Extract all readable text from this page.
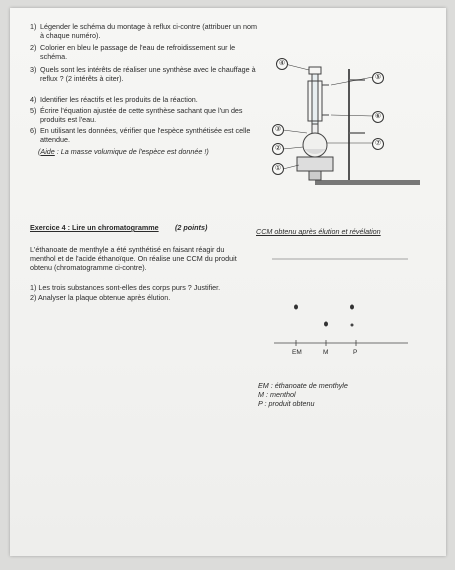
1) Légender le schéma du montage à reflux ci-contre (attribuer un nom à chaque numéro).
2) Colorier en bleu le passage de l'eau de refroidissement sur le schéma.
3) Quels sont les intérêts de réaliser une synthèse avec le chauffage à reflux ? (2 intérêts à citer).
4) Identifier les réactifs et les produits de la réaction.
5) Écrire l'équation ajustée de cette synthèse sachant que l'un des produits est l'eau.
6) En utilisant les données, vérifier que l'espèce synthétisée est celle attendue.
(Aide : La masse volumique de l'espèce est donnée !)
④
⑤
⑥
③
⑦
②
①
Exercice 4 : Lire un chromatogramme (2 points)
L'éthanoate de menthyle a été synthétisé en faisant réagir du menthol et de l'acide éthanoïque. On réalise une CCM du produit obtenu (chromatogramme ci-contre).
1) Les trois substances sont-elles des corps purs ? Justifier.
2) Analyser la plaque obtenue après élution.
CCM obtenu après élution et révélation
EM	M	P
EM : éthanoate de menthyle
M : menthol
P : produit obtenu
